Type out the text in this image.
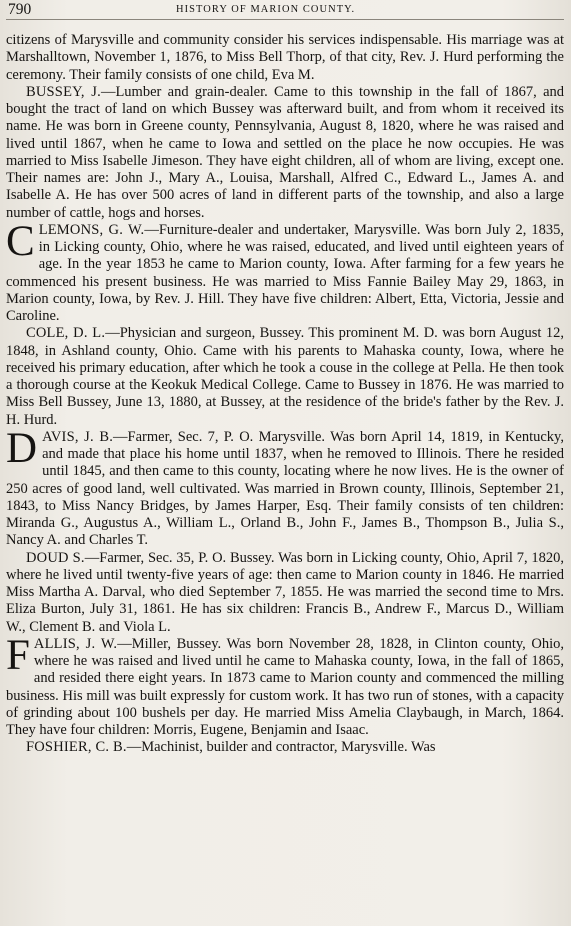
790	HISTORY OF MARION COUNTY.

citizens of Marysville and community consider his services indispensable. His marriage was at Marshalltown, November 1, 1876, to Miss Bell Thorp, of that city, Rev. J. Hurd performing the ceremony. Their family consists of one child, Eva M.

BUSSEY, J.—Lumber and grain-dealer. Came to this township in the fall of 1867, and bought the tract of land on which Bussey was afterward built, and from whom it received its name. He was born in Greene county, Pennsylvania, August 8, 1820, where he was raised and lived until 1867, when he came to Iowa and settled on the place he now occupies. He was married to Miss Isabelle Jimeson. They have eight children, all of whom are living, except one. Their names are: John J., Mary A., Louisa, Marshall, Alfred C., Edward L., James A. and Isabelle A. He has over 500 acres of land in different parts of the township, and also a large number of cattle, hogs and horses.

CLEMONS, G. W.—Furniture-dealer and undertaker, Marysville. Was born July 2, 1835, in Licking county, Ohio, where he was raised, educated, and lived until eighteen years of age. In the year 1853 he came to Marion county, Iowa. After farming for a few years he commenced his present business. He was married to Miss Fannie Bailey May 29, 1863, in Marion county, Iowa, by Rev. J. Hill. They have five children: Albert, Etta, Victoria, Jessie and Caroline.

COLE, D. L.—Physician and surgeon, Bussey. This prominent M. D. was born August 12, 1848, in Ashland county, Ohio. Came with his parents to Mahaska county, Iowa, where he received his primary education, after which he took a couse in the college at Pella. He then took a thorough course at the Keokuk Medical College. Came to Bussey in 1876. He was married to Miss Bell Bussey, June 13, 1880, at Bussey, at the residence of the bride's father by the Rev. J. H. Hurd.

DAVIS, J. B.—Farmer, Sec. 7, P. O. Marysville. Was born April 14, 1819, in Kentucky, and made that place his home until 1837, when he removed to Illinois. There he resided until 1845, and then came to this county, locating where he now lives. He is the owner of 250 acres of good land, well cultivated. Was married in Brown county, Illinois, September 21, 1843, to Miss Nancy Bridges, by James Harper, Esq. Their family consists of ten children: Miranda G., Augustus A., William L., Orland B., John F., James B., Thompson B., Julia S., Nancy A. and Charles T.

DOUD S.—Farmer, Sec. 35, P. O. Bussey. Was born in Licking county, Ohio, April 7, 1820, where he lived until twenty-five years of age: then came to Marion county in 1846. He married Miss Martha A. Darval, who died September 7, 1855. He was married the second time to Mrs. Eliza Burton, July 31, 1861. He has six children: Francis B., Andrew F., Marcus D., William W., Clement B. and Viola L.

FALLIS, J. W.—Miller, Bussey. Was born November 28, 1828, in Clinton county, Ohio, where he was raised and lived until he came to Mahaska county, Iowa, in the fall of 1865, and resided there eight years. In 1873 came to Marion county and commenced the milling business. His mill was built expressly for custom work. It has two run of stones, with a capacity of grinding about 100 bushels per day. He married Miss Amelia Claybaugh, in March, 1864. They have four children: Morris, Eugene, Benjamin and Isaac.

FOSHIER, C. B.—Machinist, builder and contractor, Marysville. Was
